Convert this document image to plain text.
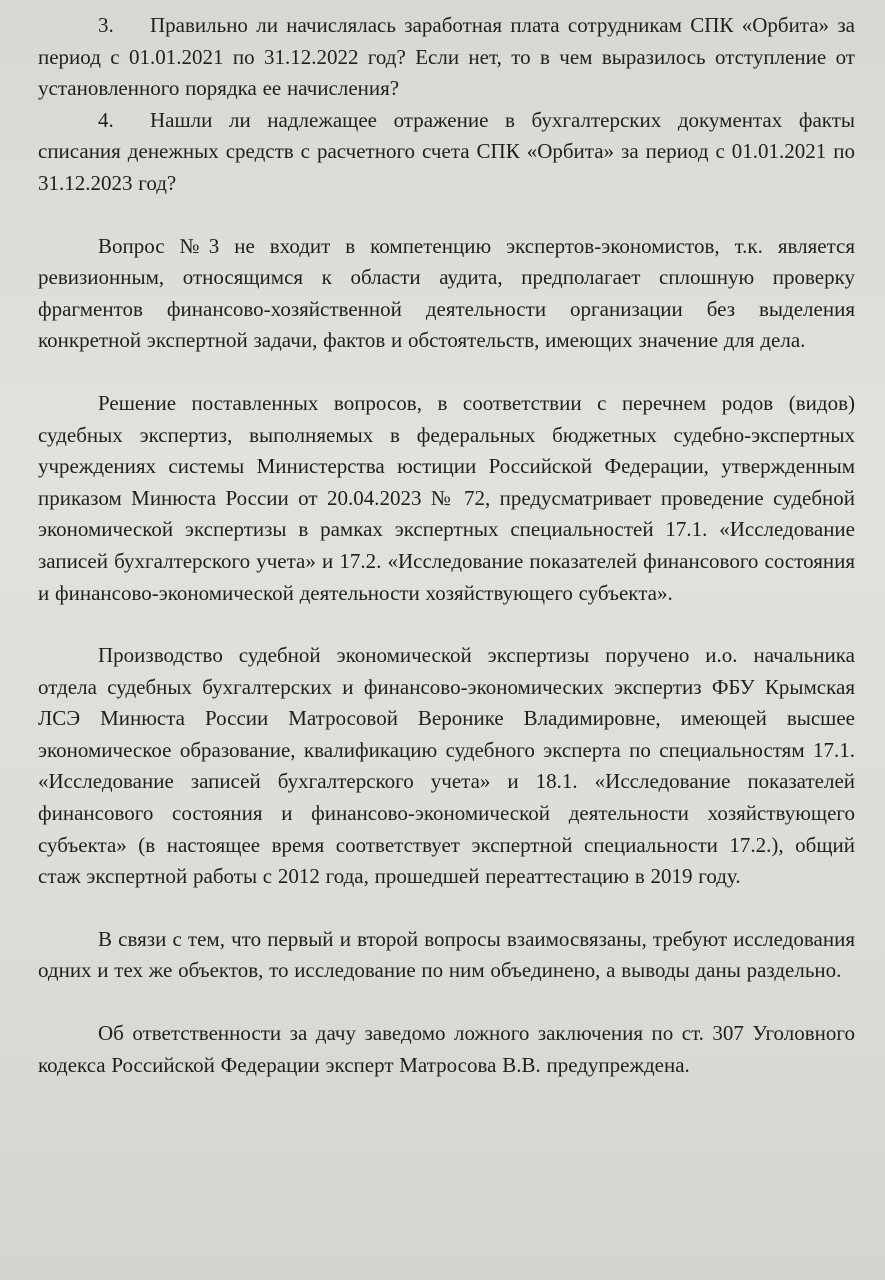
3. Правильно ли начислялась заработная плата сотрудникам СПК «Орбита» за период с 01.01.2021 по 31.12.2022 год? Если нет, то в чем выразилось отступление от установленного порядка ее начисления?

4. Нашли ли надлежащее отражение в бухгалтерских документах факты списания денежных средств с расчетного счета СПК «Орбита» за период с 01.01.2021 по 31.12.2023 год?

Вопрос №3 не входит в компетенцию экспертов-экономистов, т.к. является ревизионным, относящимся к области аудита, предполагает сплошную проверку фрагментов финансово-хозяйственной деятельности организации без выделения конкретной экспертной задачи, фактов и обстоятельств, имеющих значение для дела.

Решение поставленных вопросов, в соответствии с перечнем родов (видов) судебных экспертиз, выполняемых в федеральных бюджетных судебно-экспертных учреждениях системы Министерства юстиции Российской Федерации, утвержденным приказом Минюста России от 20.04.2023 № 72, предусматривает проведение судебной экономической экспертизы в рамках экспертных специальностей 17.1. «Исследование записей бухгалтерского учета» и 17.2. «Исследование показателей финансового состояния и финансово-экономической деятельности хозяйствующего субъекта».

Производство судебной экономической экспертизы поручено и.о. начальника отдела судебных бухгалтерских и финансово-экономических экспертиз ФБУ Крымская ЛСЭ Минюста России Матросовой Веронике Владимировне, имеющей высшее экономическое образование, квалификацию судебного эксперта по специальностям 17.1. «Исследование записей бухгалтерского учета» и 18.1. «Исследование показателей финансового состояния и финансово-экономической деятельности хозяйствующего субъекта» (в настоящее время соответствует экспертной специальности 17.2.), общий стаж экспертной работы с 2012 года, прошедшей переаттестацию в 2019 году.

В связи с тем, что первый и второй вопросы взаимосвязаны, требуют исследования одних и тех же объектов, то исследование по ним объединено, а выводы даны раздельно.

Об ответственности за дачу заведомо ложного заключения по ст. 307 Уголовного кодекса Российской Федерации эксперт Матросова В.В. предупреждена.
